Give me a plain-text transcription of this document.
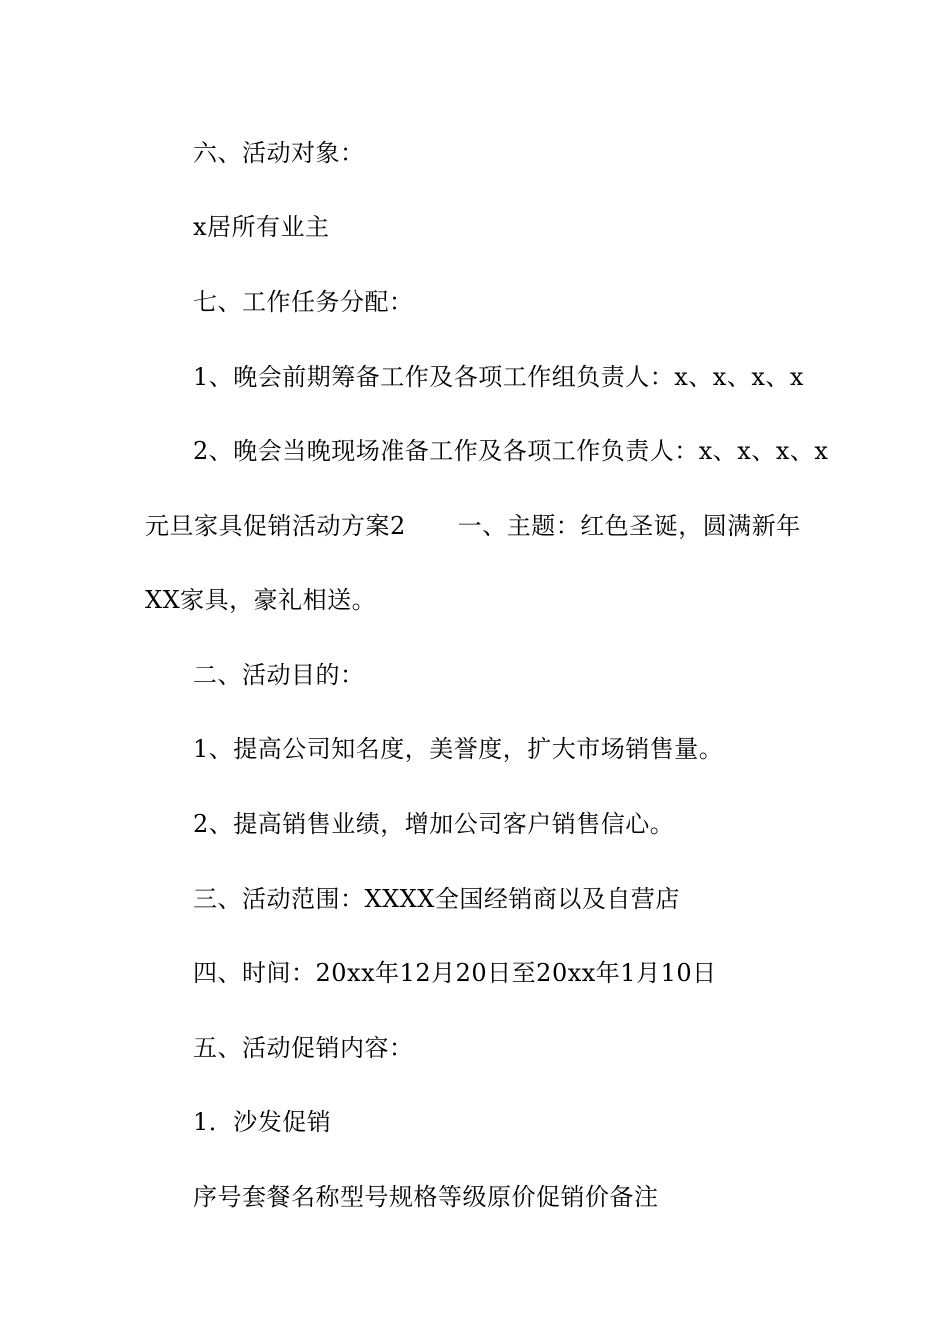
六、活动对象：
x居所有业主
七、工作任务分配：
1、晚会前期筹备工作及各项工作组负责人：x、x、x、x
2、晚会当晚现场准备工作及各项工作负责人：x、x、x、x
元旦家具促销活动方案2 一、主题：红色圣诞，圆满新年
XX家具，豪礼相送。
二、活动目的：
1、提高公司知名度，美誉度，扩大市场销售量。
2、提高销售业绩，增加公司客户销售信心。
三、活动范围：XXXX全国经销商以及自营店
四、时间：20xx年12月20日至20xx年1月10日
五、活动促销内容：
1．沙发促销
序号套餐名称型号规格等级原价促销价备注
